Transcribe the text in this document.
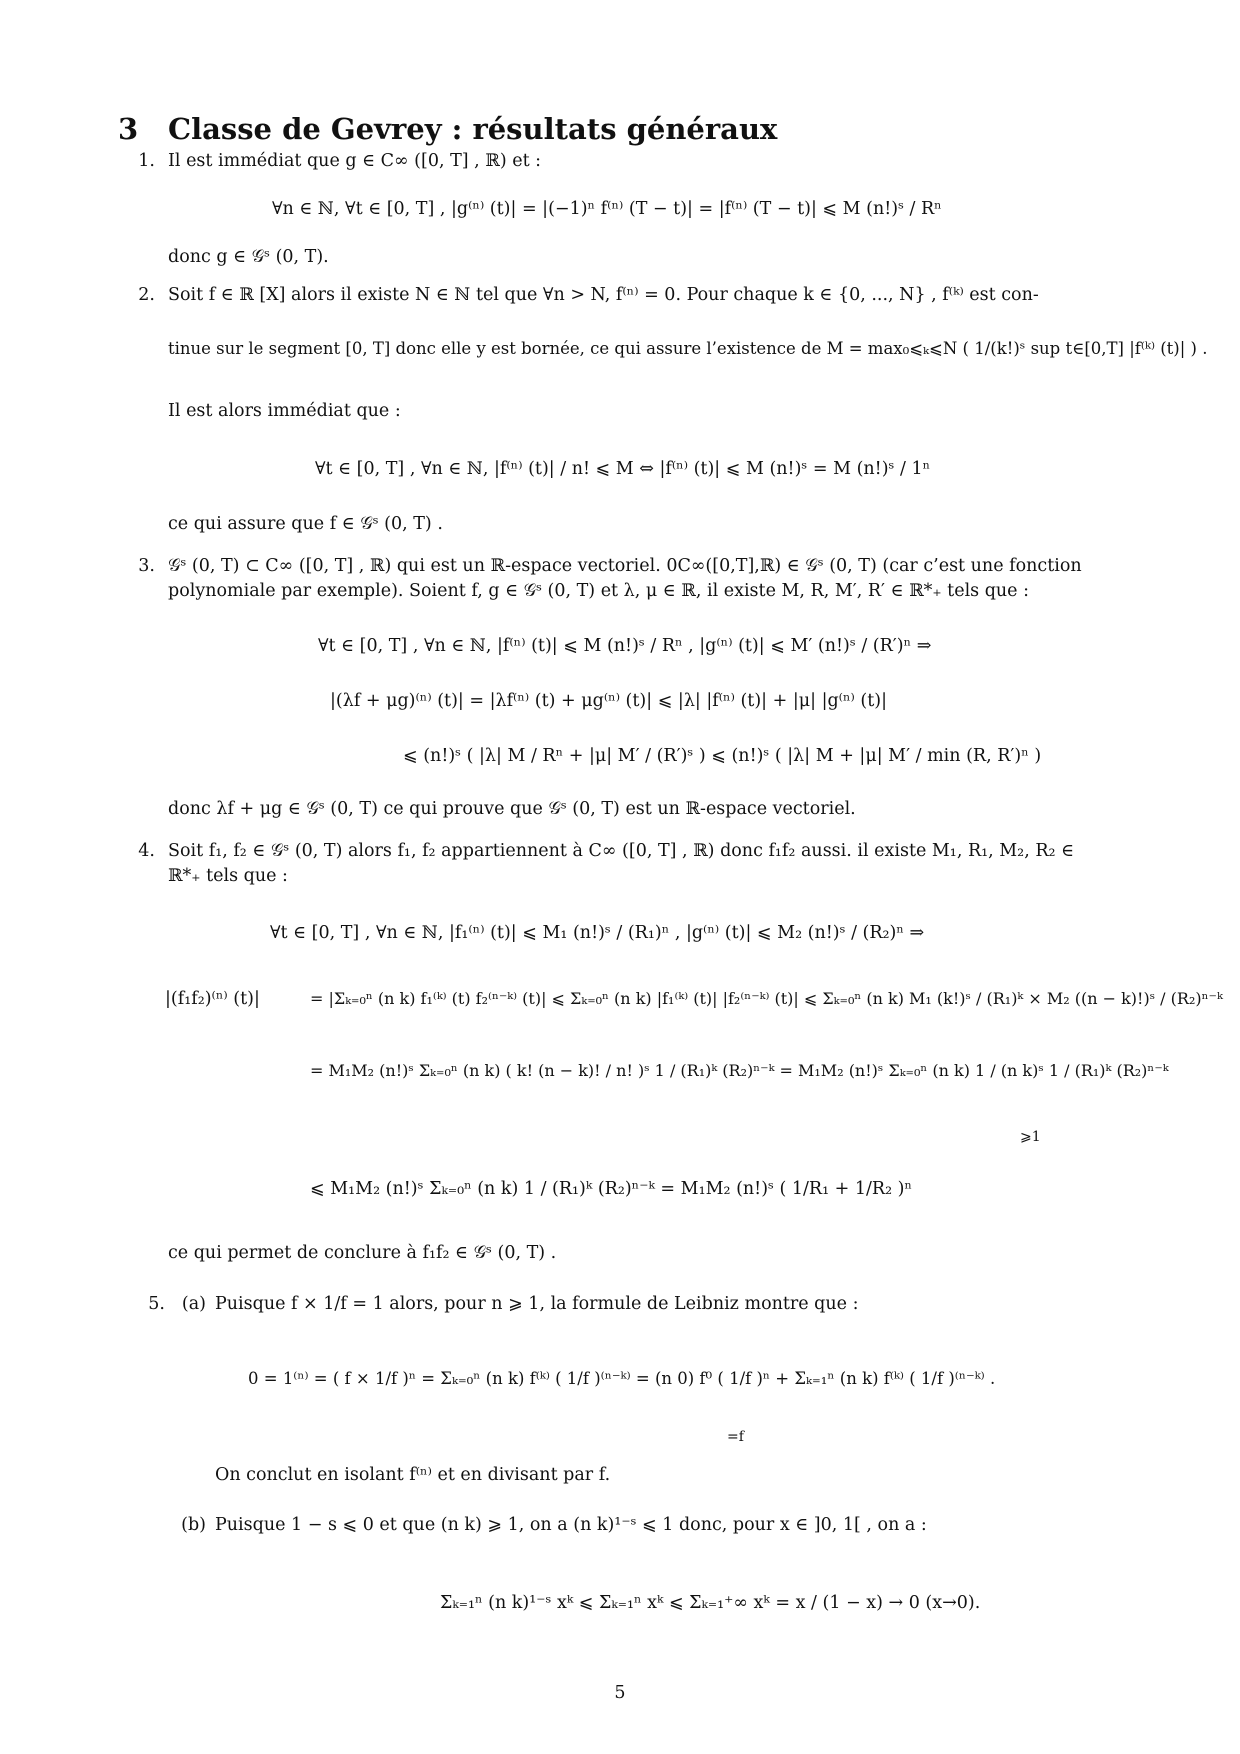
3 Classe de Gevrey : résultats généraux
1. Il est immédiat que g ∈ C∞ ([0, T] , ℝ) et :
∀n ∈ ℕ, ∀t ∈ [0, T] , |g⁽ⁿ⁾ (t)| = |(−1)ⁿ f⁽ⁿ⁾ (T − t)| = |f⁽ⁿ⁾ (T − t)| ⩽ M (n!)ˢ / Rⁿ
donc g ∈ 𝒢ˢ (0, T).
2. Soit f ∈ ℝ [X] alors il existe N ∈ ℕ tel que ∀n > N, f⁽ⁿ⁾ = 0. Pour chaque k ∈ {0, ..., N} , f⁽ᵏ⁾ est con-
tinue sur le segment [0, T] donc elle y est bornée, ce qui assure l’existence de M = max₀⩽ₖ⩽N ( 1/(k!)ˢ sup t∈[0,T] |f⁽ᵏ⁾ (t)| ) .
Il est alors immédiat que :
∀t ∈ [0, T] , ∀n ∈ ℕ, |f⁽ⁿ⁾ (t)| / n! ⩽ M ⇔ |f⁽ⁿ⁾ (t)| ⩽ M (n!)ˢ = M (n!)ˢ / 1ⁿ
ce qui assure que f ∈ 𝒢ˢ (0, T) .
3. 𝒢ˢ (0, T) ⊂ C∞ ([0, T] , ℝ) qui est un ℝ-espace vectoriel. 0C∞([0,T],ℝ) ∈ 𝒢ˢ (0, T) (car c’est une fonction
polynomiale par exemple). Soient f, g ∈ 𝒢ˢ (0, T) et λ, μ ∈ ℝ, il existe M, R, M′, R′ ∈ ℝ*₊ tels que :
∀t ∈ [0, T] , ∀n ∈ ℕ, |f⁽ⁿ⁾ (t)| ⩽ M (n!)ˢ / Rⁿ , |g⁽ⁿ⁾ (t)| ⩽ M′ (n!)ˢ / (R′)ⁿ ⇒
|(λf + μg)⁽ⁿ⁾ (t)| = |λf⁽ⁿ⁾ (t) + μg⁽ⁿ⁾ (t)| ⩽ |λ| |f⁽ⁿ⁾ (t)| + |μ| |g⁽ⁿ⁾ (t)|
⩽ (n!)ˢ ( |λ| M / Rⁿ + |μ| M′ / (R′)ˢ ) ⩽ (n!)ˢ ( |λ| M + |μ| M′ / min (R, R′)ⁿ )
donc λf + μg ∈ 𝒢ˢ (0, T) ce qui prouve que 𝒢ˢ (0, T) est un ℝ-espace vectoriel.
4. Soit f₁, f₂ ∈ 𝒢ˢ (0, T) alors f₁, f₂ appartiennent à C∞ ([0, T] , ℝ) donc f₁f₂ aussi. il existe M₁, R₁, M₂, R₂ ∈
ℝ*₊ tels que :
∀t ∈ [0, T] , ∀n ∈ ℕ, |f₁⁽ⁿ⁾ (t)| ⩽ M₁ (n!)ˢ / (R₁)ⁿ , |g⁽ⁿ⁾ (t)| ⩽ M₂ (n!)ˢ / (R₂)ⁿ ⇒
|(f₁f₂)⁽ⁿ⁾ (t)|	= |Σₖ₌₀ⁿ (n k) f₁⁽ᵏ⁾ (t) f₂⁽ⁿ⁻ᵏ⁾ (t)| ⩽ Σₖ₌₀ⁿ (n k) |f₁⁽ᵏ⁾ (t)| |f₂⁽ⁿ⁻ᵏ⁾ (t)| ⩽ Σₖ₌₀ⁿ (n k) M₁ (k!)ˢ / (R₁)ᵏ × M₂ ((n − k)!)ˢ / (R₂)ⁿ⁻ᵏ
= M₁M₂ (n!)ˢ Σₖ₌₀ⁿ (n k) ( k! (n − k)! / n! )ˢ 1 / (R₁)ᵏ (R₂)ⁿ⁻ᵏ = M₁M₂ (n!)ˢ Σₖ₌₀ⁿ (n k) 1 / (n k)ˢ 1 / (R₁)ᵏ (R₂)ⁿ⁻ᵏ
⩾1
⩽ M₁M₂ (n!)ˢ Σₖ₌₀ⁿ (n k) 1 / (R₁)ᵏ (R₂)ⁿ⁻ᵏ = M₁M₂ (n!)ˢ ( 1/R₁ + 1/R₂ )ⁿ
ce qui permet de conclure à f₁f₂ ∈ 𝒢ˢ (0, T) .
5. (a) Puisque f × 1/f = 1 alors, pour n ⩾ 1, la formule de Leibniz montre que :
0 = 1⁽ⁿ⁾ = ( f × 1/f )ⁿ = Σₖ₌₀ⁿ (n k) f⁽ᵏ⁾ ( 1/f )⁽ⁿ⁻ᵏ⁾ = (n 0) f⁰ ( 1/f )ⁿ + Σₖ₌₁ⁿ (n k) f⁽ᵏ⁾ ( 1/f )⁽ⁿ⁻ᵏ⁾ .
=f
On conclut en isolant f⁽ⁿ⁾ et en divisant par f.
(b) Puisque 1 − s ⩽ 0 et que (n k) ⩾ 1, on a (n k)¹⁻ˢ ⩽ 1 donc, pour x ∈ ]0, 1[ , on a :
Σₖ₌₁ⁿ (n k)¹⁻ˢ xᵏ ⩽ Σₖ₌₁ⁿ xᵏ ⩽ Σₖ₌₁⁺∞ xᵏ = x / (1 − x) → 0 (x→0).
5
